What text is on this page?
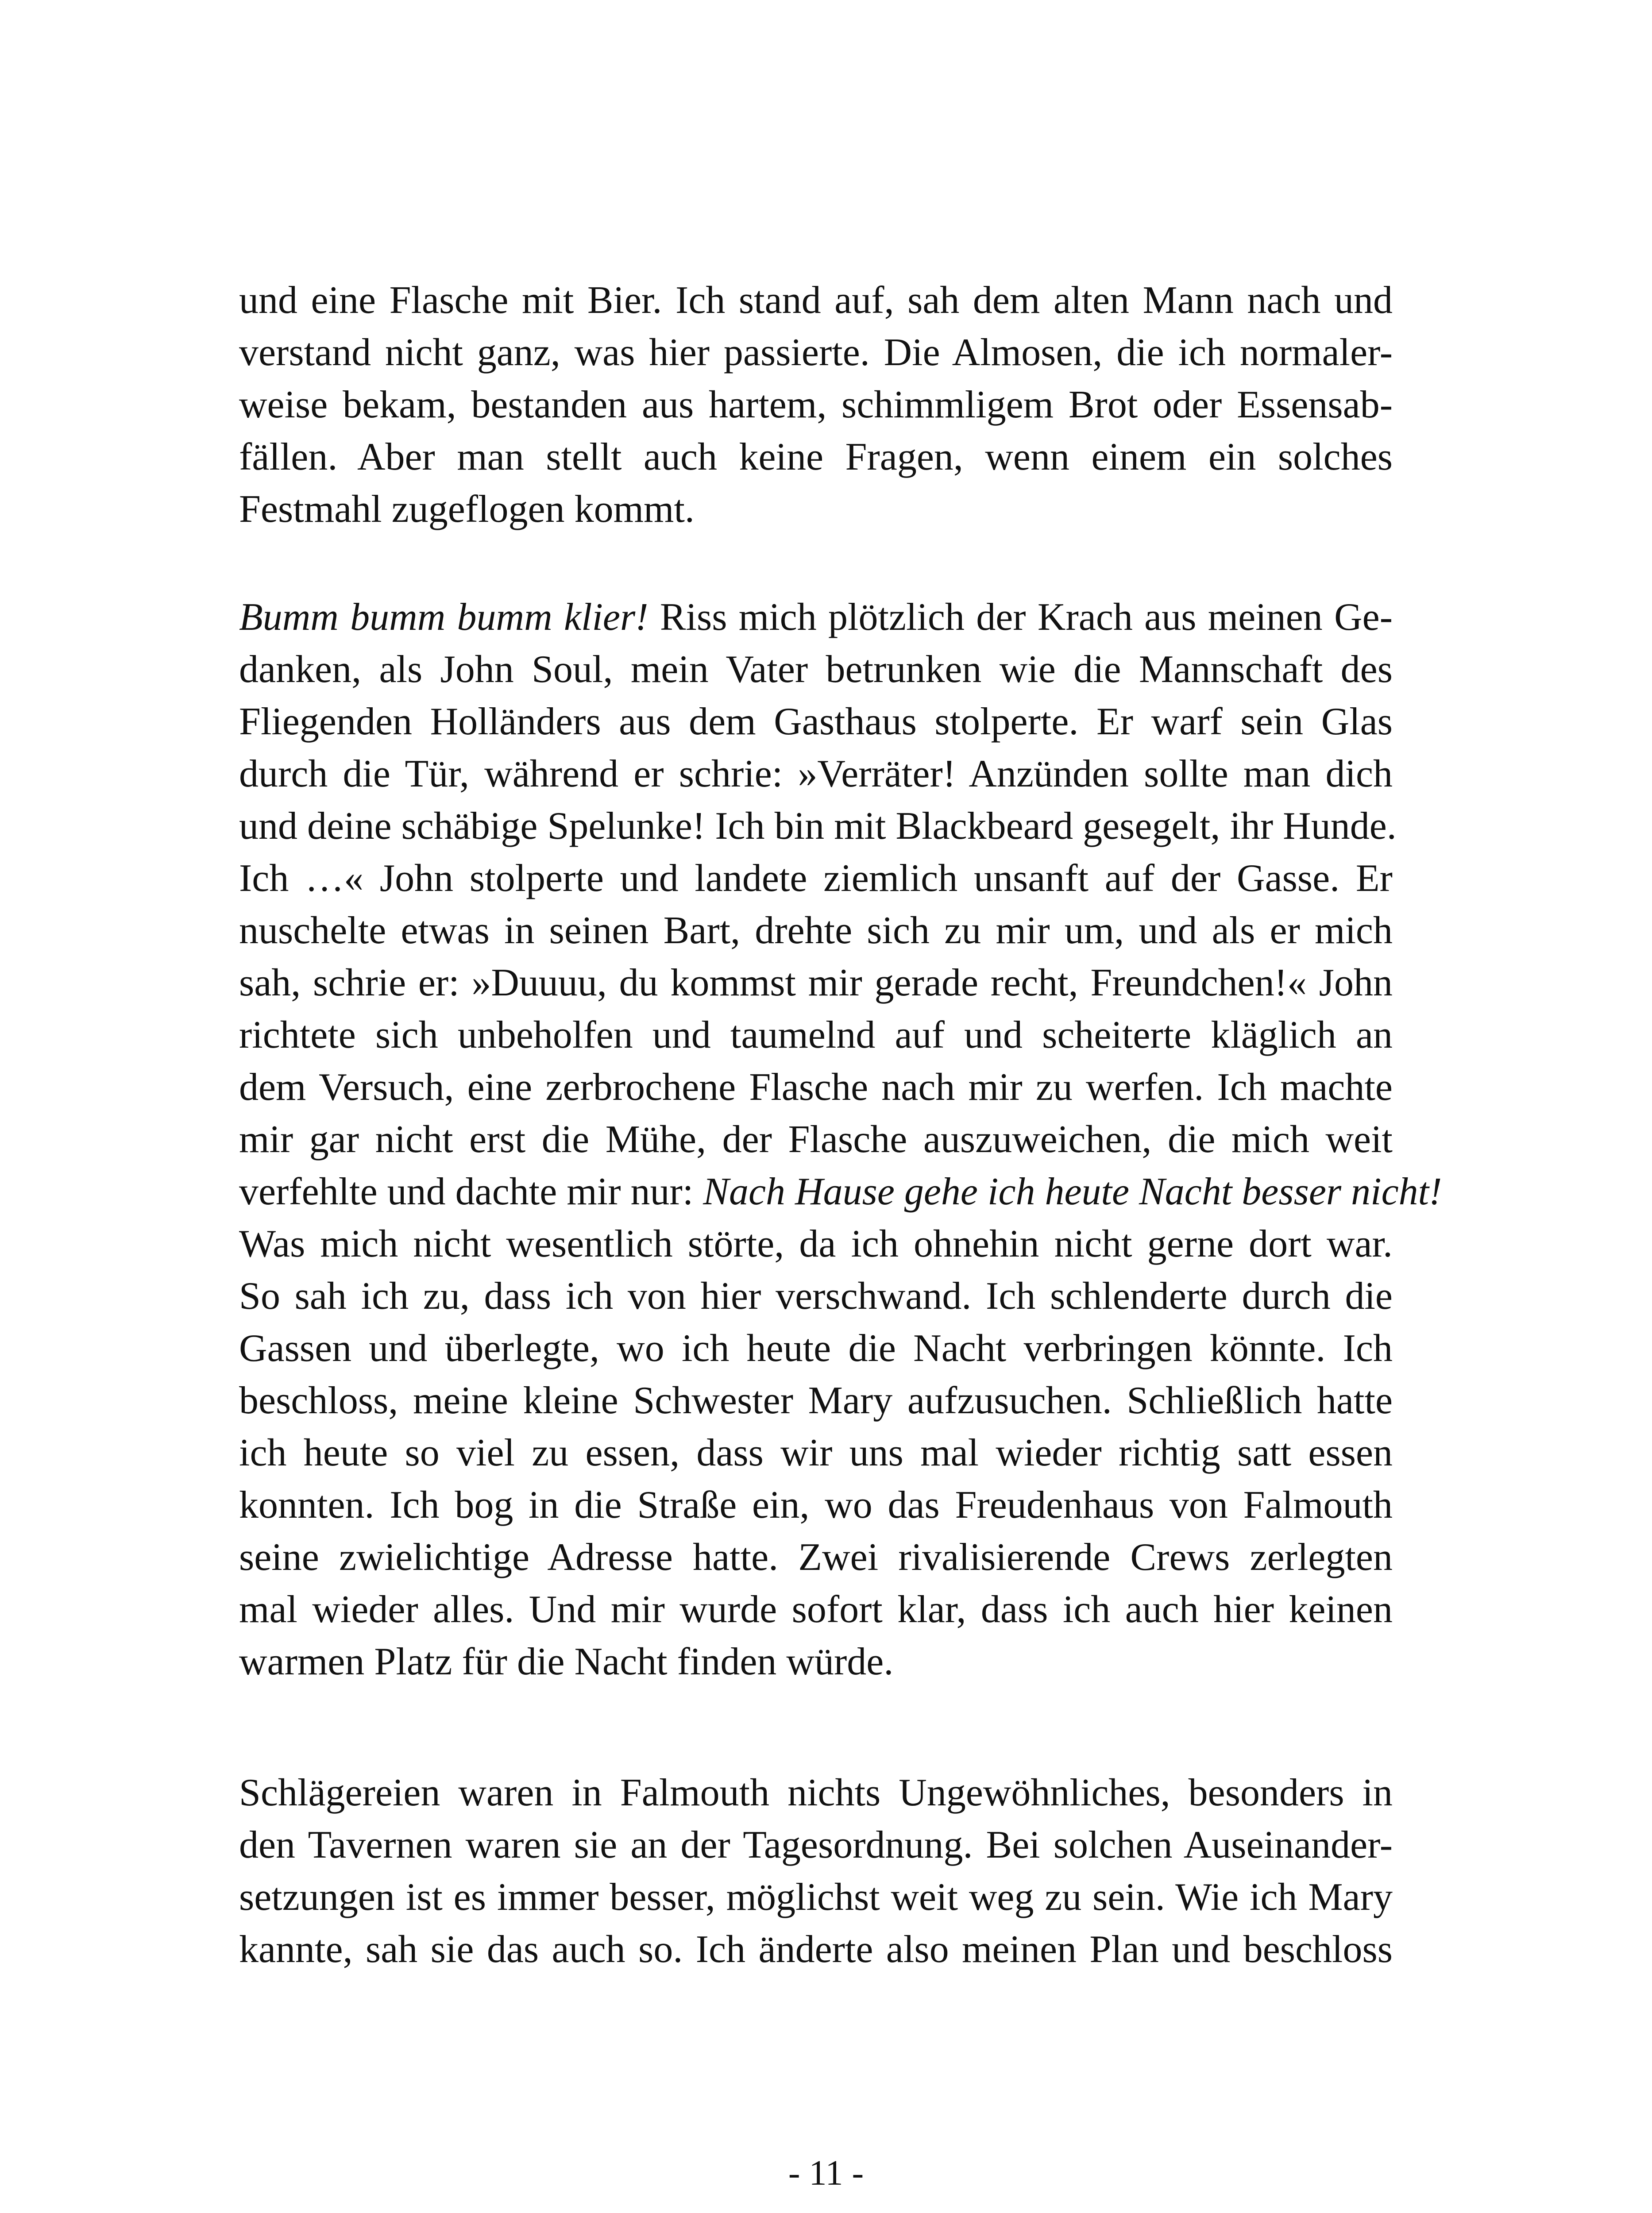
und eine Flasche mit Bier. Ich stand auf, sah dem alten Mann nach und
verstand nicht ganz, was hier passierte. Die Almosen, die ich normaler-
weise bekam, bestanden aus hartem, schimmligem Brot oder Essensab-
fällen. Aber man stellt auch keine Fragen, wenn einem ein solches
Festmahl zugeflogen kommt.
Bumm bumm bumm klier! Riss mich plötzlich der Krach aus meinen Ge-
danken, als John Soul, mein Vater betrunken wie die Mannschaft des
Fliegenden Holländers aus dem Gasthaus stolperte. Er warf sein Glas
durch die Tür, während er schrie: »Verräter! Anzünden sollte man dich
und deine schäbige Spelunke! Ich bin mit Blackbeard gesegelt, ihr Hunde.
Ich …« John stolperte und landete ziemlich unsanft auf der Gasse. Er
nuschelte etwas in seinen Bart, drehte sich zu mir um, und als er mich
sah, schrie er: »Duuuu, du kommst mir gerade recht, Freundchen!« John
richtete sich unbeholfen und taumelnd auf und scheiterte kläglich an
dem Versuch, eine zerbrochene Flasche nach mir zu werfen. Ich machte
mir gar nicht erst die Mühe, der Flasche auszuweichen, die mich weit
verfehlte und dachte mir nur: Nach Hause gehe ich heute Nacht besser nicht!
Was mich nicht wesentlich störte, da ich ohnehin nicht gerne dort war.
So sah ich zu, dass ich von hier verschwand. Ich schlenderte durch die
Gassen und überlegte, wo ich heute die Nacht verbringen könnte. Ich
beschloss, meine kleine Schwester Mary aufzusuchen. Schließlich hatte
ich heute so viel zu essen, dass wir uns mal wieder richtig satt essen
konnten. Ich bog in die Straße ein, wo das Freudenhaus von Falmouth
seine zwielichtige Adresse hatte. Zwei rivalisierende Crews zerlegten
mal wieder alles. Und mir wurde sofort klar, dass ich auch hier keinen
warmen Platz für die Nacht finden würde.
Schlägereien waren in Falmouth nichts Ungewöhnliches, besonders in
den Tavernen waren sie an der Tagesordnung. Bei solchen Auseinander-
setzungen ist es immer besser, möglichst weit weg zu sein. Wie ich Mary
kannte, sah sie das auch so. Ich änderte also meinen Plan und beschloss
- 11 -
